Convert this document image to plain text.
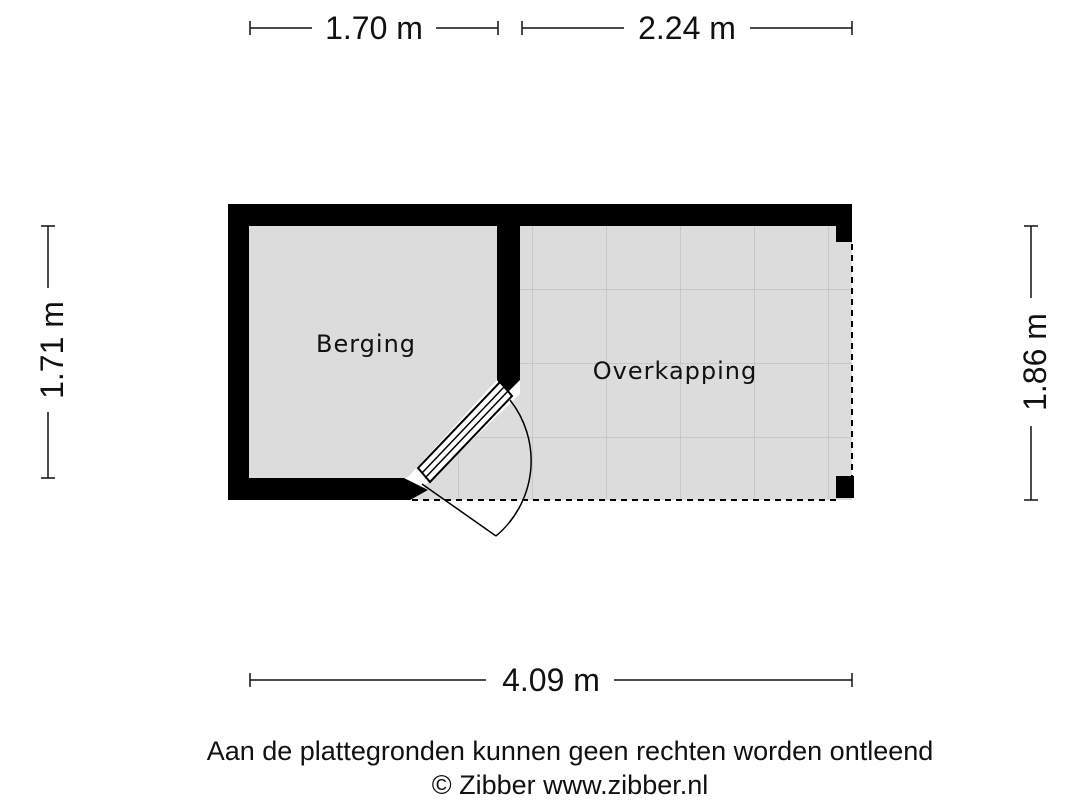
Berging
Overkapping
1.70 m	2.24 m
1.71 m	1.86 m
4.09 m
Aan de plattegronden kunnen geen rechten worden ontleend
© Zibber www.zibber.nl
